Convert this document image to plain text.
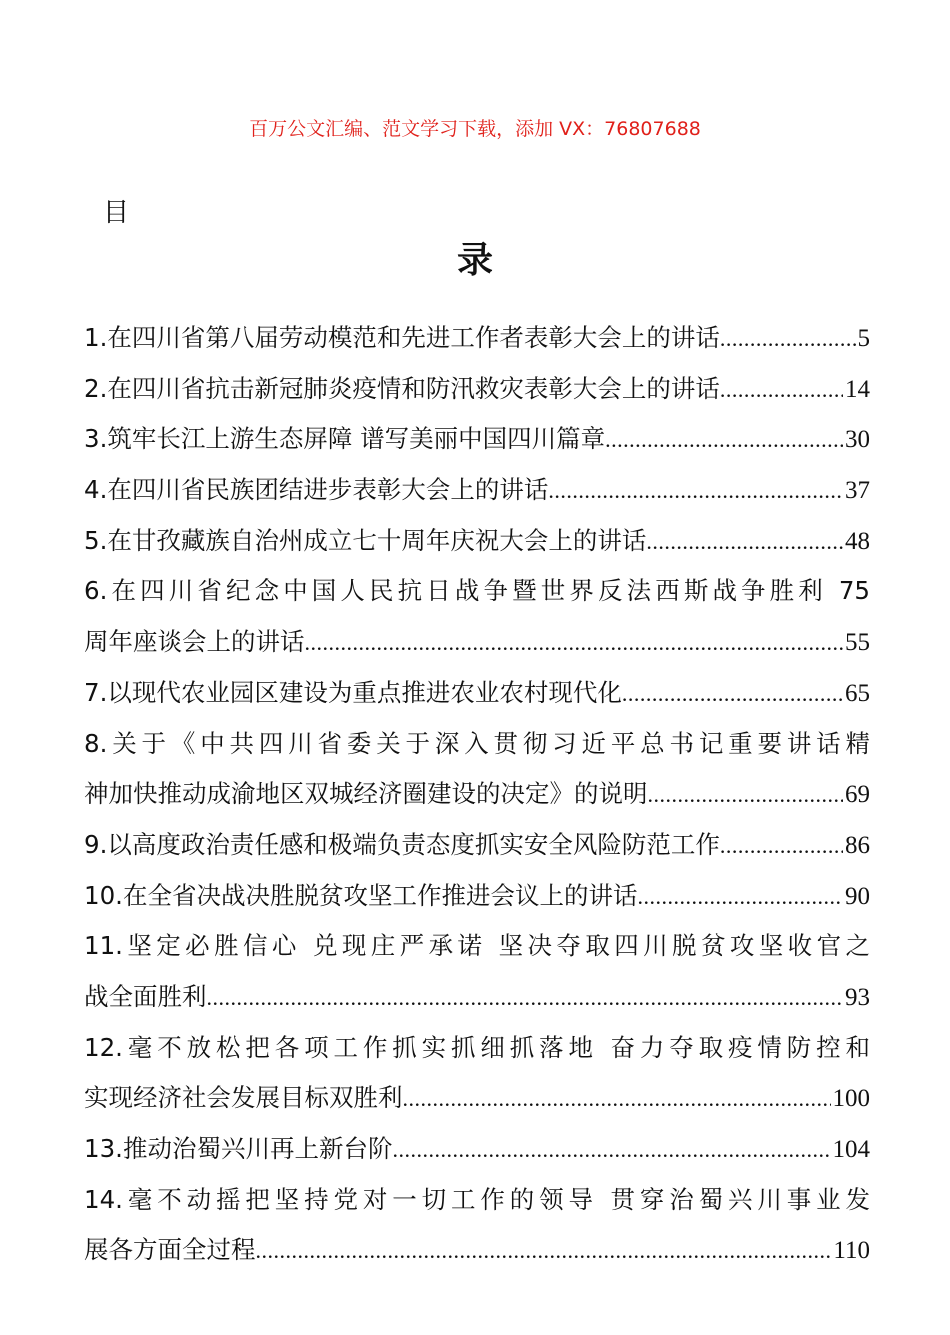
百万公文汇编、范文学习下载，添加 VX：76807688
目
录
1.在四川省第八届劳动模范和先进工作者表彰大会上的讲话 .....	5
2.在四川省抗击新冠肺炎疫情和防汛救灾表彰大会上的讲话 .....	14
3.筑牢长江上游生态屏障 谱写美丽中国四川篇章 .....	30
4.在四川省民族团结进步表彰大会上的讲话 .....	37
5.在甘孜藏族自治州成立七十周年庆祝大会上的讲话 .....	48
6.在四川省纪念中国人民抗日战争暨世界反法西斯战争胜利 75
周年座谈会上的讲话 .....	55
7.以现代农业园区建设为重点推进农业农村现代化 .....	65
8.关于《中共四川省委关于深入贯彻习近平总书记重要讲话精
神加快推动成渝地区双城经济圈建设的决定》的说明 .....	69
9.以高度政治责任感和极端负责态度抓实安全风险防范工作 .....	86
10.在全省决战决胜脱贫攻坚工作推进会议上的讲话 .....	90
11.坚定必胜信心 兑现庄严承诺 坚决夺取四川脱贫攻坚收官之
战全面胜利 .....	93
12.毫不放松把各项工作抓实抓细抓落地 奋力夺取疫情防控和
实现经济社会发展目标双胜利 .....	100
13.推动治蜀兴川再上新台阶 .....	104
14.毫不动摇把坚持党对一切工作的领导 贯穿治蜀兴川事业发
展各方面全过程 .....	110
